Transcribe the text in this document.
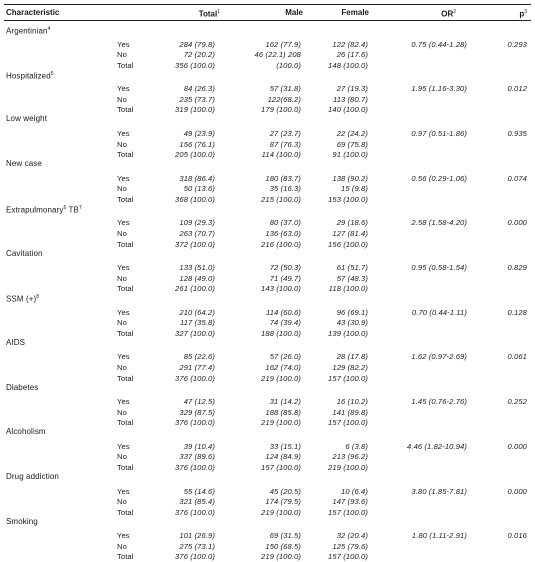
Characteristic	Total$^1$	Male	Female	$OR^2$	$p^3$
Argentinian$^4$
Yes	284 (79.8)	162 (77.9)	122 (82.4)	0.75 (0.44-1.28)	0.293
No	72 (20.2)	46 (22.1) 208	26 (17.6)
Total	356 (100.0)	(100.0)	148 (100.0)
Hospitalized$^5$
Yes	84 (26.3)	57 (31.8)	27 (19.3)	1.95 (1.16-3.30)	0.012
No	235 (73.7)	122(68.2)	113 (80.7)
Total	319 (100.0)	179 (100.0)	140 (100.0)
Low weight
Yes	49 (23.9)	27 (23.7)	22 (24.2)	0.97 (0.51-1.86)	0.935
No	156 (76.1)	87 (76.3)	69 (75.8)
Total	205 (100.0)	114 (100.0)	91 (100.0)
New case
Yes	318 (86.4)	180 (83.7)	138 (90.2)	0.56 (0.29-1.06)	0.074
No	50 (13.6)	35 (16.3)	15 (9.8)
Total	368 (100.0)	215 (100.0)	153 (100.0)
Extrapulmonary$^6$ $TB^7$
Yes	109 (29.3)	80 (37.0)	29 (18.6)	2.58 (1.58-4.20)	0.000
No	263 (70.7)	136 (63.0)	127 (81.4)
Total	372 (100.0)	216 (100.0)	156 (100.0)
Cavitation
Yes	133 (51.0)	72 (50.3)	61 (51.7)	0.95 (0.58-1.54)	0.829
No	128 (49.0)	71 (49.7)	57 (48.3)
Total	261 (100.0)	143 (100.0)	118 (100.0)
SSM $(+)^8$
Yes	210 (64.2)	114 (60.6)	96 (69.1)	0.70 (0.44-1.11)	0.128
No	117 (35.8)	74 (39.4)	43 (30.9)
Total	327 (100.0)	188 (100.0)	139 (100.0)
AIDS
Yes	85 (22.6)	57 (26.0)	28 (17.8)	1.62 (0.97-2.69)	0.061
No	291 (77.4)	162 (74.0)	129 (82.2)
Total	376 (100.0)	219 (100.0)	157 (100.0)
Diabetes
Yes	47 (12.5)	31 (14.2)	16 (10.2)	1.45 (0.76-2.76)	0.252
No	329 (87.5)	188 (85.8)	141 (89.8)
Total	376 (100.0)	219 (100.0)	157 (100.0)
Alcoholism
Yes	39 (10.4)	33 (15.1)	6 (3.8)	4.46 (1.82-10.94)	0.000
No	337 (89.6)	124 (84.9)	213 (96.2)
Total	376 (100.0)	157 (100.0)	219 (100.0)
Drug addiction
Yes	55 (14.6)	45 (20.5)	10 (6.4)	3.80 (1.85-7.81)	0.000
No	321 (85.4)	174 (79.5)	147 (93.6)
Total	376 (100.0)	219 (100.0)	157 (100.0)
Smoking
Yes	101 (26.9)	69 (31.5)	32 (20.4)	1.80 (1.11-2.91)	0.016
No	275 (73.1)	150 (68.5)	125 (79.6)
Total	376 (100.0)	219 (100.0)	157 (100.0)
